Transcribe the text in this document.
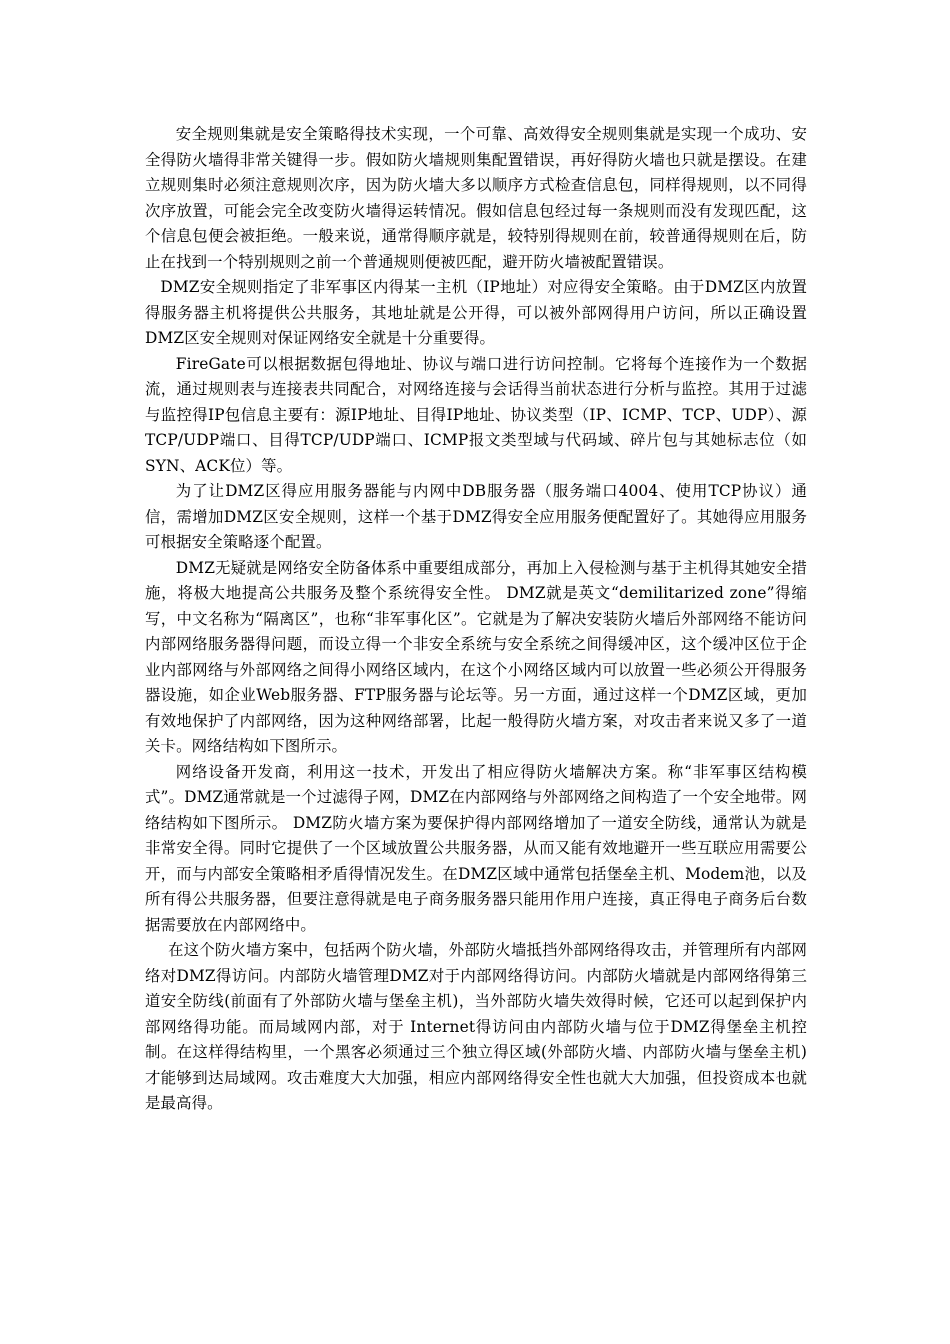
安全规则集就是安全策略得技术实现，一个可靠、高效得安全规则集就是实现一个成功、安全得防火墙得非常关键得一步。假如防火墙规则集配置错误，再好得防火墙也只就是摆设。在建立规则集时必须注意规则次序，因为防火墙大多以顺序方式检查信息包，同样得规则，以不同得次序放置，可能会完全改变防火墙得运转情况。假如信息包经过每一条规则而没有发现匹配，这个信息包便会被拒绝。一般来说，通常得顺序就是，较特别得规则在前，较普通得规则在后，防止在找到一个特别规则之前一个普通规则便被匹配，避开防火墙被配置错误。

DMZ安全规则指定了非军事区内得某一主机（IP地址）对应得安全策略。由于DMZ区内放置得服务器主机将提供公共服务，其地址就是公开得，可以被外部网得用户访问，所以正确设置DMZ区安全规则对保证网络安全就是十分重要得。

FireGate可以根据数据包得地址、协议与端口进行访问控制。它将每个连接作为一个数据流，通过规则表与连接表共同配合，对网络连接与会话得当前状态进行分析与监控。其用于过滤与监控得IP包信息主要有：源IP地址、目得IP地址、协议类型（IP、ICMP、TCP、UDP）、源TCP/UDP端口、目得TCP/UDP端口、ICMP报文类型域与代码域、碎片包与其她标志位（如SYN、ACK位）等。

为了让DMZ区得应用服务器能与内网中DB服务器（服务端口4004、使用TCP协议）通信，需增加DMZ区安全规则，这样一个基于DMZ得安全应用服务便配置好了。其她得应用服务可根据安全策略逐个配置。

DMZ无疑就是网络安全防备体系中重要组成部分，再加上入侵检测与基于主机得其她安全措施，将极大地提高公共服务及整个系统得安全性。 DMZ就是英文“demilitarized zone”得缩写，中文名称为“隔离区”，也称“非军事化区”。它就是为了解决安装防火墙后外部网络不能访问内部网络服务器得问题，而设立得一个非安全系统与安全系统之间得缓冲区，这个缓冲区位于企业内部网络与外部网络之间得小网络区域内，在这个小网络区域内可以放置一些必须公开得服务器设施，如企业Web服务器、FTP服务器与论坛等。另一方面，通过这样一个DMZ区域，更加有效地保护了内部网络，因为这种网络部署，比起一般得防火墙方案，对攻击者来说又多了一道关卡。网络结构如下图所示。

网络设备开发商，利用这一技术，开发出了相应得防火墙解决方案。称“非军事区结构模式”。DMZ通常就是一个过滤得子网，DMZ在内部网络与外部网络之间构造了一个安全地带。网络结构如下图所示。 DMZ防火墙方案为要保护得内部网络增加了一道安全防线，通常认为就是非常安全得。同时它提供了一个区域放置公共服务器，从而又能有效地避开一些互联应用需要公开，而与内部安全策略相矛盾得情况发生。在DMZ区域中通常包括堡垒主机、Modem池，以及所有得公共服务器，但要注意得就是电子商务服务器只能用作用户连接，真正得电子商务后台数据需要放在内部网络中。

在这个防火墙方案中，包括两个防火墙，外部防火墙抵挡外部网络得攻击，并管理所有内部网络对DMZ得访问。内部防火墙管理DMZ对于内部网络得访问。内部防火墙就是内部网络得第三道安全防线(前面有了外部防火墙与堡垒主机)，当外部防火墙失效得时候，它还可以起到保护内部网络得功能。而局域网内部，对于 Internet得访问由内部防火墙与位于DMZ得堡垒主机控制。在这样得结构里，一个黑客必须通过三个独立得区域(外部防火墙、内部防火墙与堡垒主机) 才能够到达局域网。攻击难度大大加强，相应内部网络得安全性也就大大加强，但投资成本也就是最高得。
